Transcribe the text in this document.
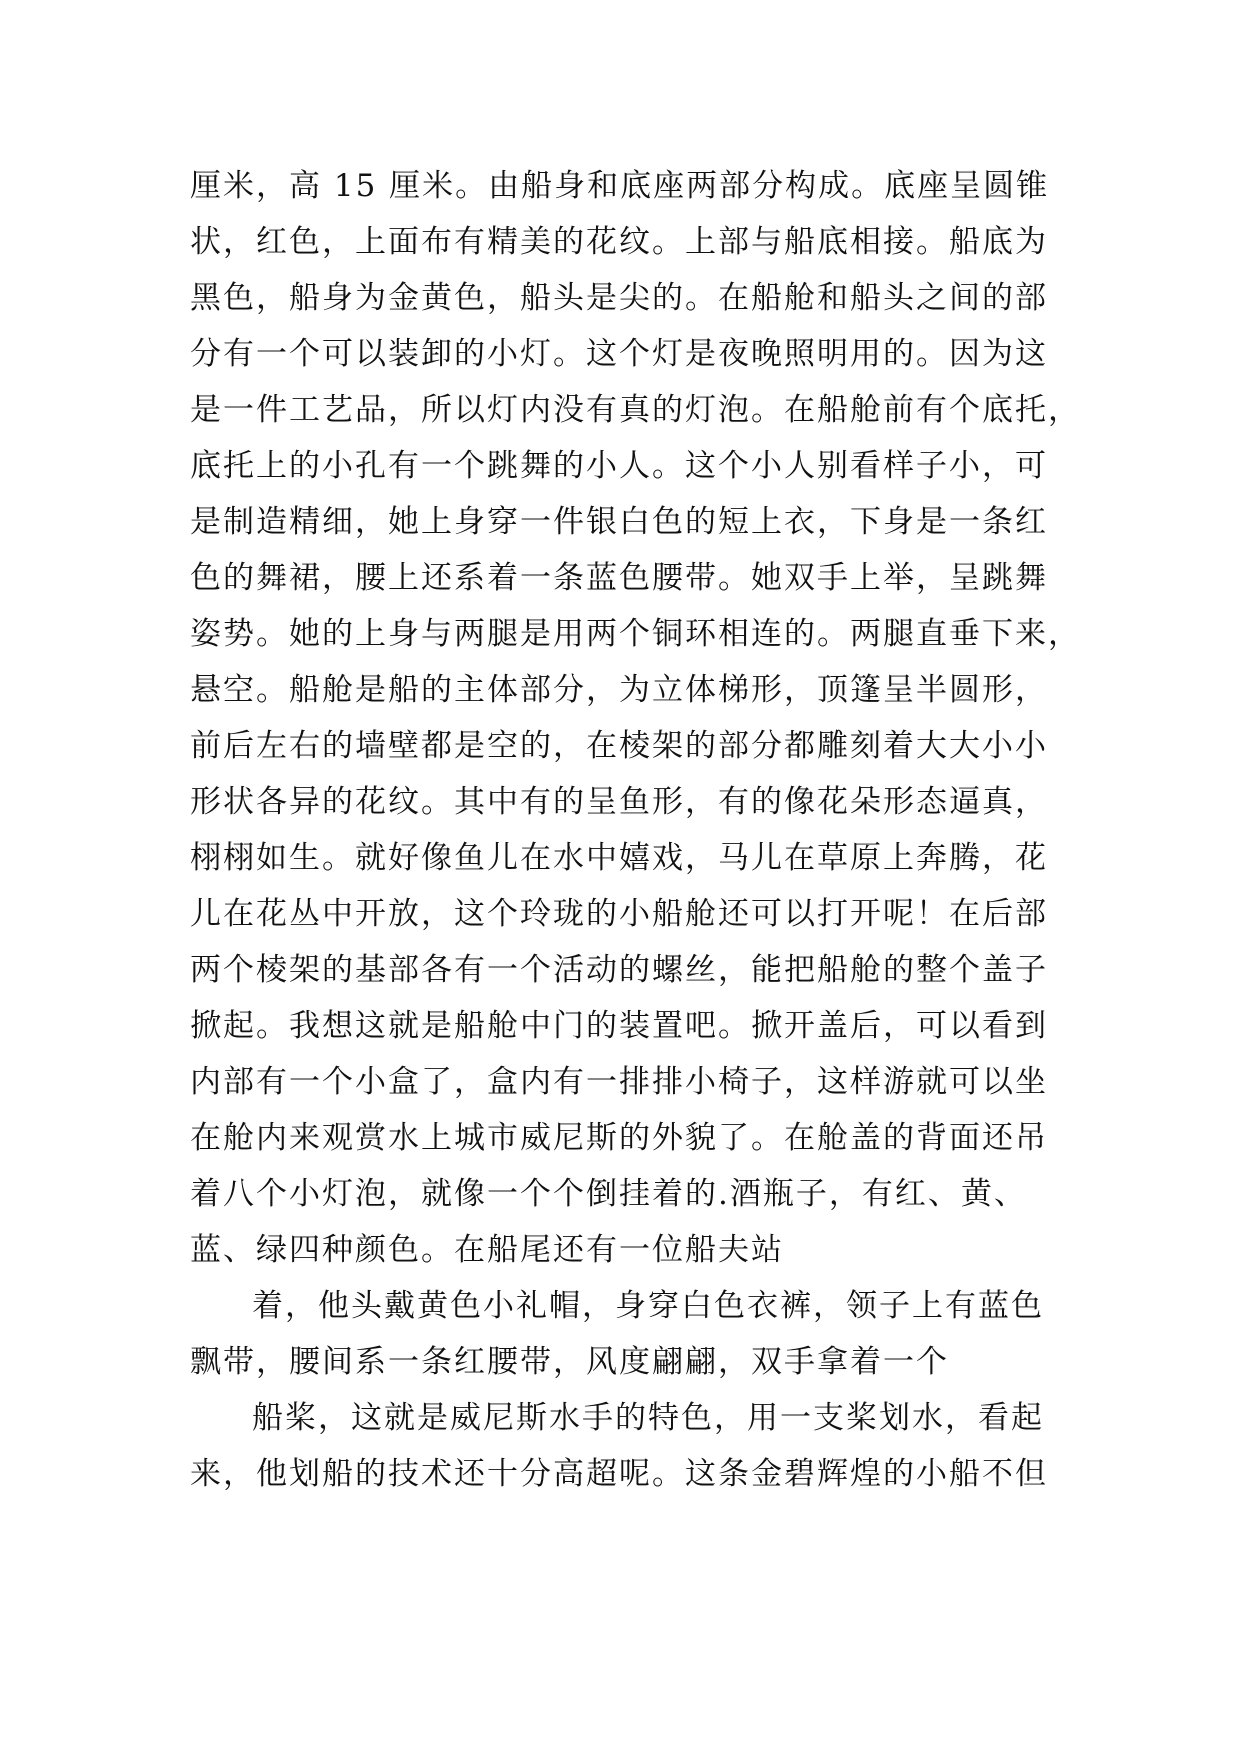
厘米，高 15 厘米。由船身和底座两部分构成。底座呈圆锥
状，红色，上面布有精美的花纹。上部与船底相接。船底为
黑色，船身为金黄色，船头是尖的。在船舱和船头之间的部
分有一个可以装卸的小灯。这个灯是夜晚照明用的。因为这
是一件工艺品，所以灯内没有真的灯泡。在船舱前有个底托，
底托上的小孔有一个跳舞的小人。这个小人别看样子小，可
是制造精细，她上身穿一件银白色的短上衣，下身是一条红
色的舞裙，腰上还系着一条蓝色腰带。她双手上举，呈跳舞
姿势。她的上身与两腿是用两个铜环相连的。两腿直垂下来，
悬空。船舱是船的主体部分，为立体梯形，顶篷呈半圆形，
前后左右的墙壁都是空的，在棱架的部分都雕刻着大大小小
形状各异的花纹。其中有的呈鱼形，有的像花朵形态逼真，
栩栩如生。就好像鱼儿在水中嬉戏，马儿在草原上奔腾，花
儿在花丛中开放，这个玲珑的小船舱还可以打开呢！在后部
两个棱架的基部各有一个活动的螺丝，能把船舱的整个盖子
掀起。我想这就是船舱中门的装置吧。掀开盖后，可以看到
内部有一个小盒了，盒内有一排排小椅子，这样游就可以坐
在舱内来观赏水上城市威尼斯的外貌了。在舱盖的背面还吊
着八个小灯泡，就像一个个倒挂着的.酒瓶子，有红、黄、
蓝、绿四种颜色。在船尾还有一位船夫站
着，他头戴黄色小礼帽，身穿白色衣裤，领子上有蓝色
飘带，腰间系一条红腰带，风度翩翩，双手拿着一个
船桨，这就是威尼斯水手的特色，用一支桨划水，看起
来，他划船的技术还十分高超呢。这条金碧辉煌的小船不但
